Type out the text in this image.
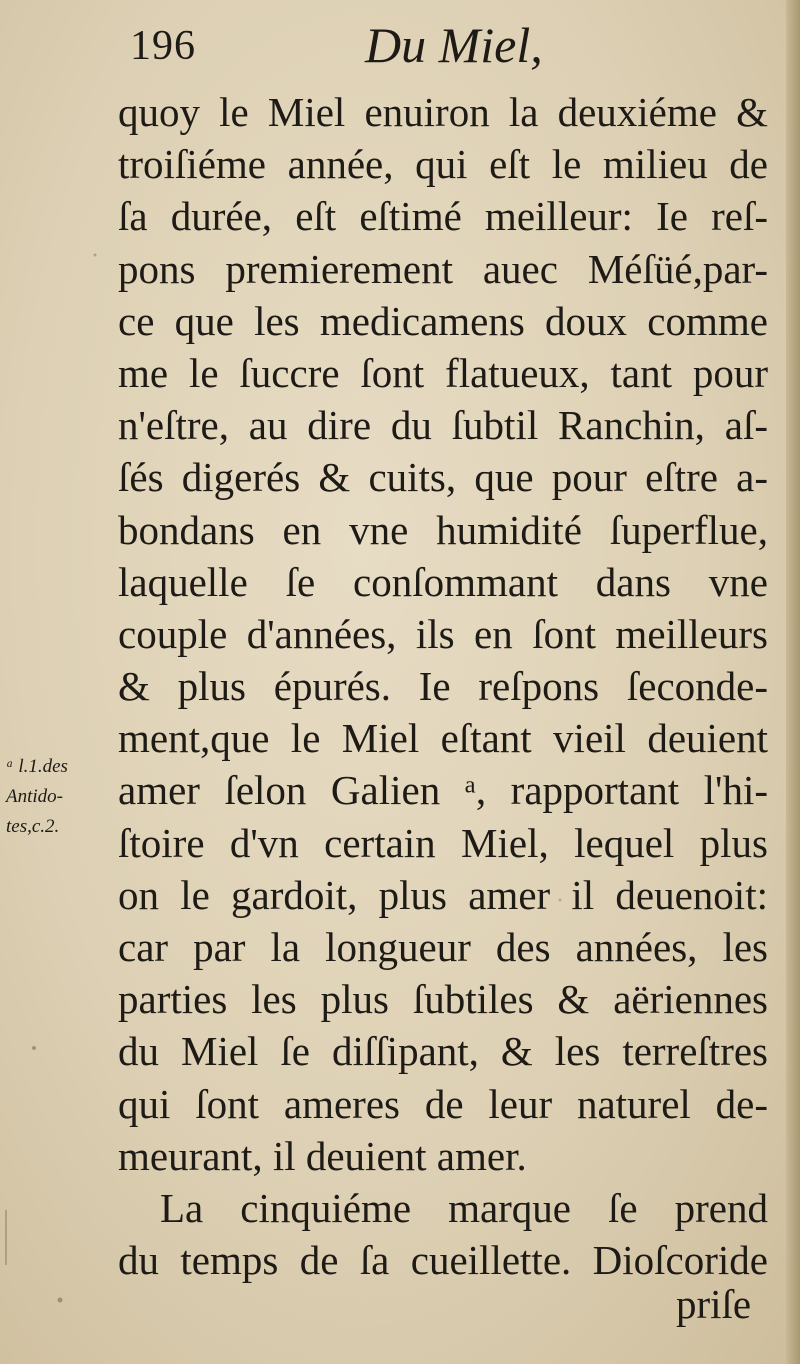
196	Du Miel,
quoy le Miel enuiron la deuxiéme &
troiſiéme année, qui eſt le milieu de
ſa durée, eſt eſtimé meilleur: Ie reſ-
pons premierement auec Méſüé,par-
ce que les medicamens doux comme
me le ſuccre ſont flatueux, tant pour
n'eſtre, au dire du ſubtil Ranchin, aſ-
ſés digerés & cuits, que pour eſtre a-
bondans en vne humidité ſuperflue,
laquelle ſe conſommant dans vne
couple d'années, ils en ſont meilleurs
& plus épurés. Ie reſpons ſeconde-
ment,que le Miel eſtant vieil deuient
amer ſelon Galien ᵃ, rapportant l'hi-
ſtoire d'vn certain Miel, lequel plus
on le gardoit, plus amer il deuenoit:
car par la longueur des années, les
parties les plus ſubtiles & aëriennes
du Miel ſe diſſipant, & les terreſtres
qui ſont ameres de leur naturel de-
meurant, il deuient amer.
La cinquiéme marque ſe prend
du temps de ſa cueillette. Dioſcoride
ᵃ l.1.des
Antido-
tes,c.2.
priſe
